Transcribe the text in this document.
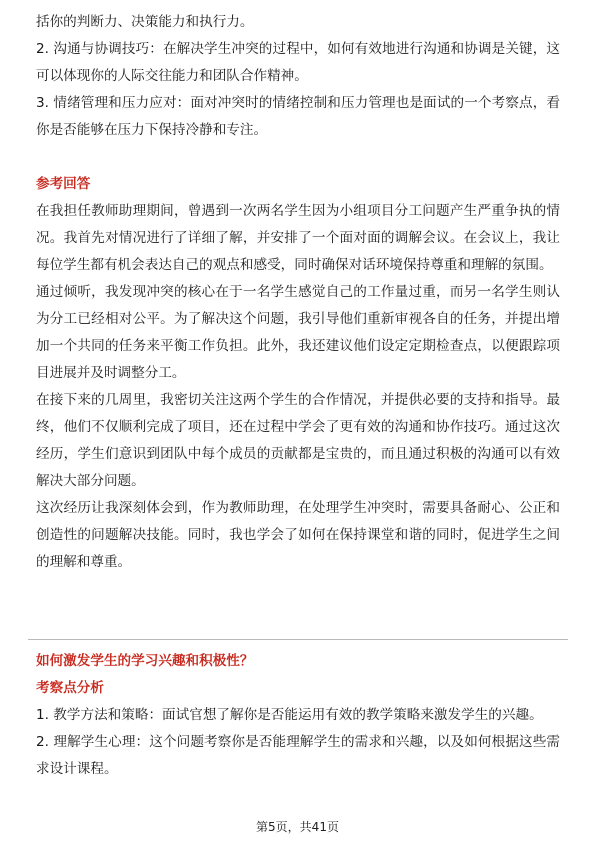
括你的判断力、决策能力和执行力。

2. 沟通与协调技巧：在解决学生冲突的过程中，如何有效地进行沟通和协调是关键，这可以体现你的人际交往能力和团队合作精神。

3. 情绪管理和压力应对：面对冲突时的情绪控制和压力管理也是面试的一个考察点，看你是否能够在压力下保持冷静和专注。

参考回答

在我担任教师助理期间，曾遇到一次两名学生因为小组项目分工问题产生严重争执的情况。我首先对情况进行了详细了解，并安排了一个面对面的调解会议。在会议上，我让每位学生都有机会表达自己的观点和感受，同时确保对话环境保持尊重和理解的氛围。

通过倾听，我发现冲突的核心在于一名学生感觉自己的工作量过重，而另一名学生则认为分工已经相对公平。为了解决这个问题，我引导他们重新审视各自的任务，并提出增加一个共同的任务来平衡工作负担。此外，我还建议他们设定定期检查点，以便跟踪项目进展并及时调整分工。

在接下来的几周里，我密切关注这两个学生的合作情况，并提供必要的支持和指导。最终，他们不仅顺利完成了项目，还在过程中学会了更有效的沟通和协作技巧。通过这次经历，学生们意识到团队中每个成员的贡献都是宝贵的，而且通过积极的沟通可以有效解决大部分问题。

这次经历让我深刻体会到，作为教师助理，在处理学生冲突时，需要具备耐心、公正和创造性的问题解决技能。同时，我也学会了如何在保持课堂和谐的同时，促进学生之间的理解和尊重。

如何激发学生的学习兴趣和积极性？

考察点分析

1. 教学方法和策略：面试官想了解你是否能运用有效的教学策略来激发学生的兴趣。

2. 理解学生心理：这个问题考察你是否能理解学生的需求和兴趣，以及如何根据这些需求设计课程。

第5页，共41页
